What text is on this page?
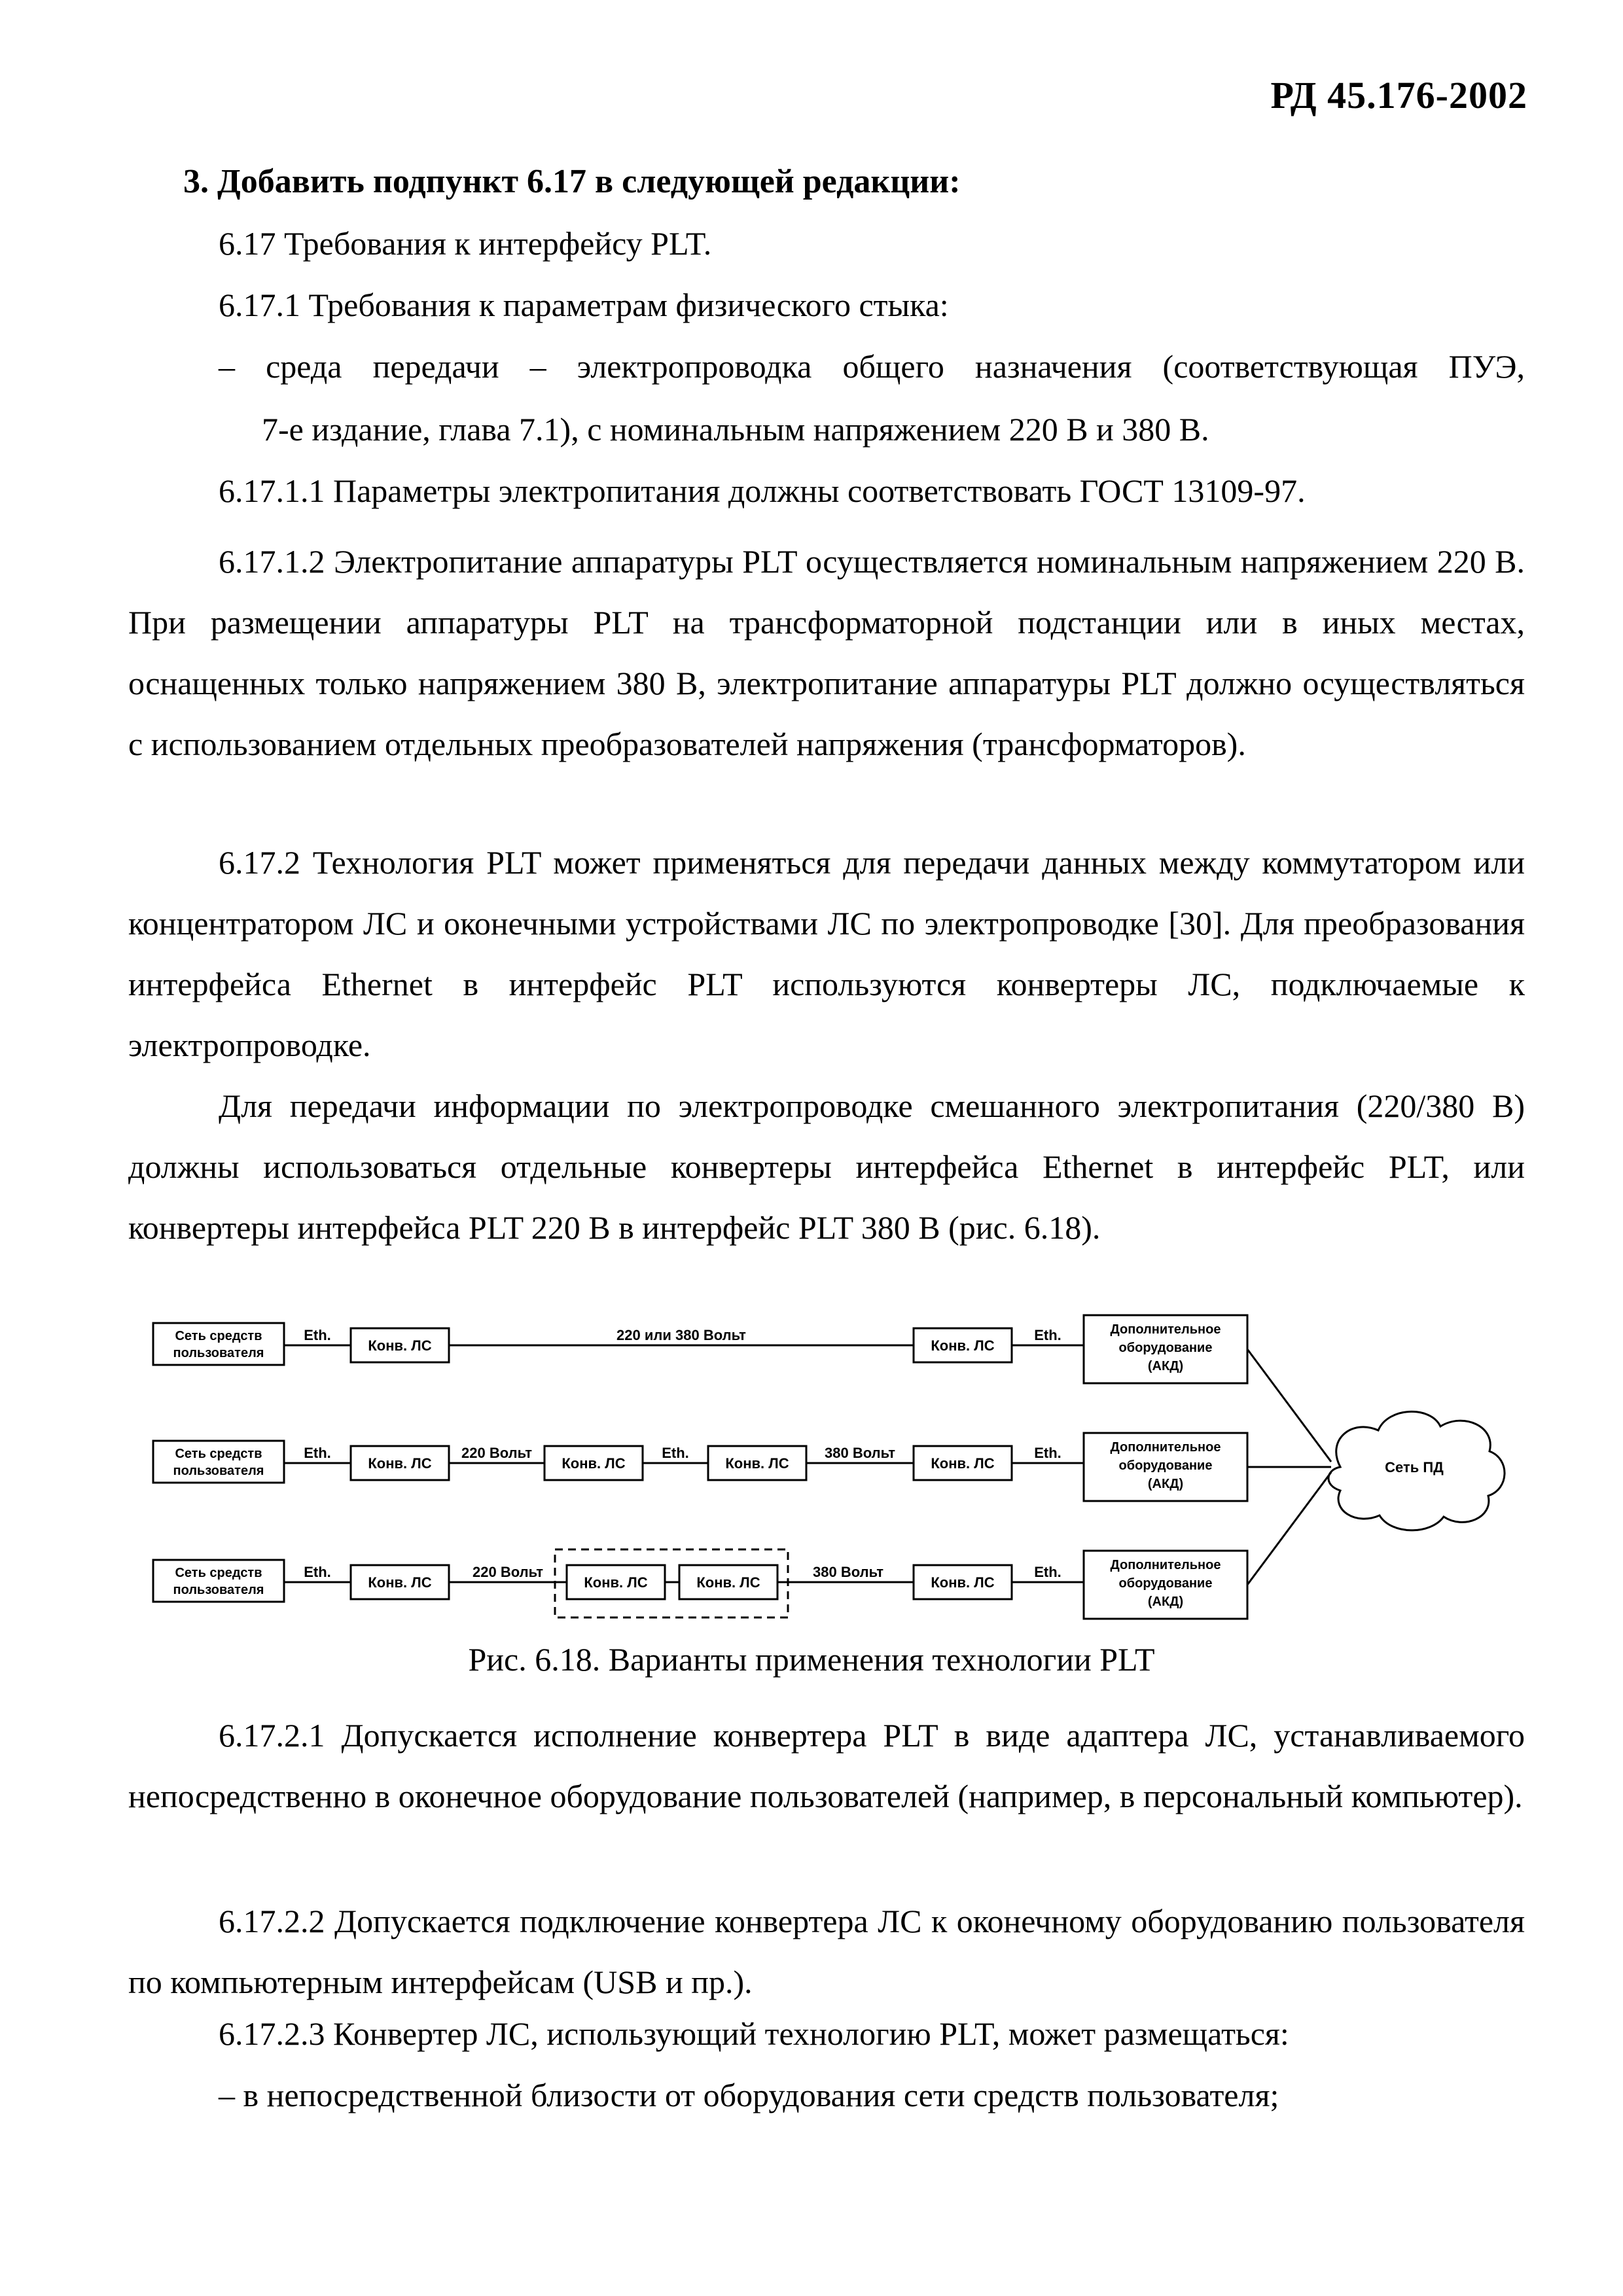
РД 45.176-2002
3. Добавить подпункт 6.17 в следующей редакции:
6.17 Требования к интерфейсу PLT.
6.17.1 Требования к параметрам физического стыка:
– среда передачи – электропроводка общего назначения (соответствующая ПУЭ,
7-е издание, глава 7.1), с номинальным напряжением 220 В и 380 В.
6.17.1.1 Параметры электропитания должны соответствовать ГОСТ 13109-97.
6.17.1.2 Электропитание аппаратуры PLT осуществляется номинальным напряжением 220 В. При размещении аппаратуры PLT на трансформаторной подстанции или в иных местах, оснащенных только напряжением 380 В, электропитание аппаратуры PLT должно осуществляться с использованием отдельных преобразователей напряжения (трансформаторов).
6.17.2 Технология PLT может применяться для передачи данных между коммутатором или концентратором ЛС и оконечными устройствами ЛС по электропроводке [30]. Для преобразования интерфейса Ethernet в интерфейс PLT используются конвертеры ЛС, подключаемые к электропроводке.
Для передачи информации по электропроводке смешанного электропитания (220/380 В) должны использоваться отдельные конвертеры интерфейса Ethernet в интерфейс PLT, или конвертеры интерфейса PLT 220 В в интерфейс PLT 380 В (рис. 6.18).
Сеть средств
пользователя
Eth.
Конв. ЛС
220 или 380 Вольт
Конв. ЛС
Eth.	Дополнительное
оборудование
(АКД)
Сеть средств
пользователя
Eth.
Конв. ЛС
220 Вольт
Конв. ЛС
Eth.
Конв. ЛС
380 Вольт
Конв. ЛС
Eth.	Дополнительное
оборудование
(АКД)
Сеть средств
пользователя
Eth.
Конв. ЛС
220 Вольт
Конв. ЛС	Конв. ЛС
380 Вольт
Конв. ЛС
Eth.	Дополнительное
оборудование
(АКД)
Сеть ПД
Рис. 6.18. Варианты применения технологии PLT
6.17.2.1 Допускается исполнение конвертера PLT в виде адаптера ЛС, устанавливаемого непосредственно в оконечное оборудование пользователей (например, в персональный компьютер).
6.17.2.2 Допускается подключение конвертера ЛС к оконечному оборудованию пользователя по компьютерным интерфейсам (USB и пр.).
6.17.2.3 Конвертер ЛС, использующий технологию PLT, может размещаться:
– в непосредственной близости от оборудования сети средств пользователя;
